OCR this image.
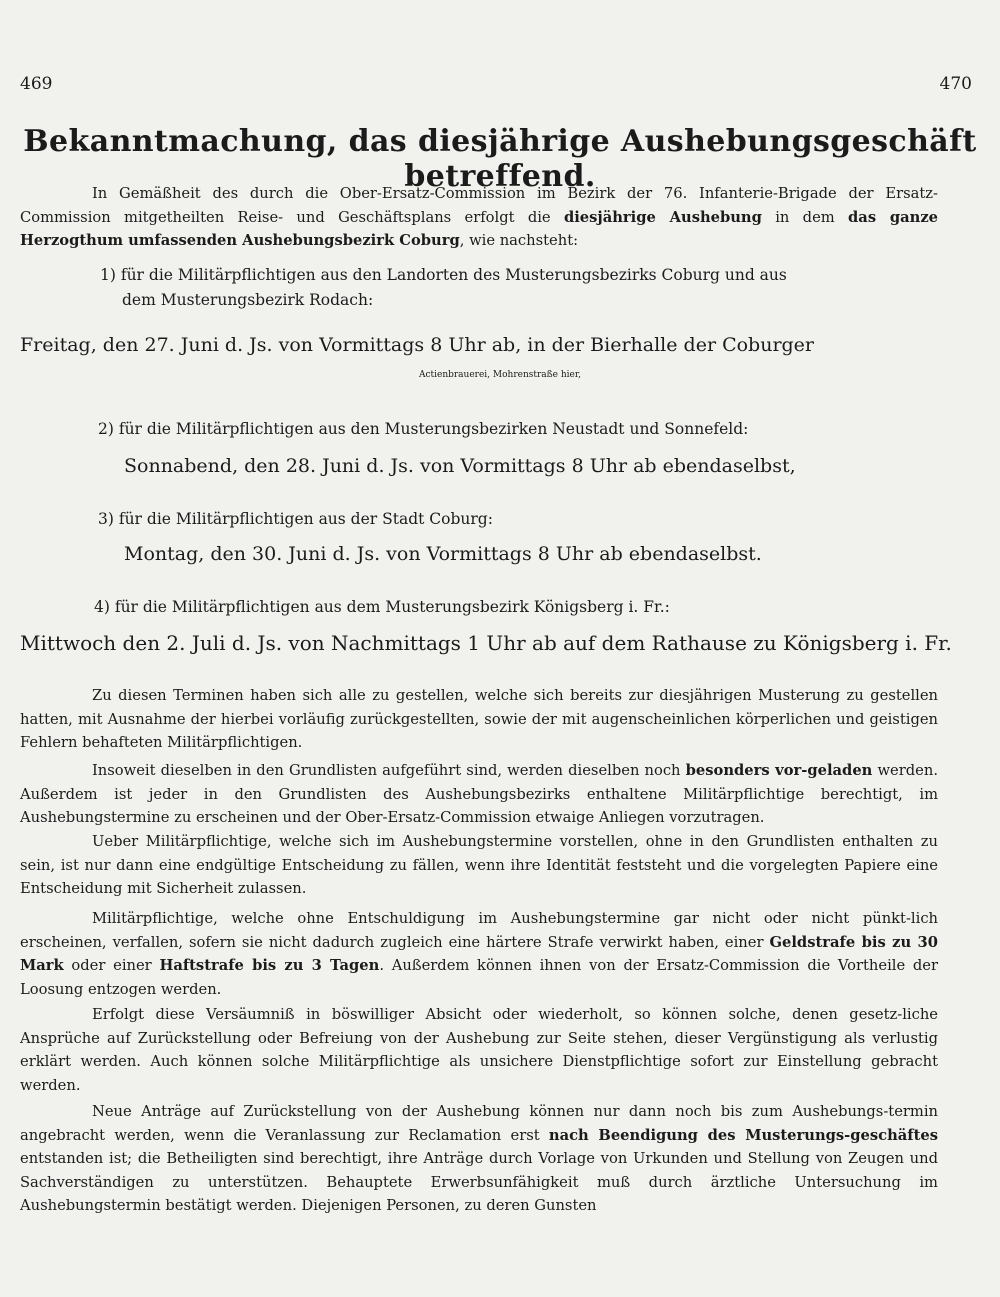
469	470
Bekanntmachung, das diesjährige Aushebungsgeschäft betreffend.

In Gemäßheit des durch die Ober-Ersatz-Commission im Bezirk der 76. Infanterie-Brigade der Ersatz-Commission mitgetheilten Reise- und Geschäftsplans erfolgt die diesjährige Aushebung in dem das ganze Herzogthum umfassenden Aushebungsbezirk Coburg, wie nachsteht:

1) für die Militärpflichtigen aus den Landorten des Musterungsbezirks Coburg und aus

dem Musterungsbezirk Rodach:

Freitag, den 27. Juni d. Js. von Vormittags 8 Uhr ab, in der Bierhalle der Coburger

Actienbrauerei, Mohrenstraße hier,

2) für die Militärpflichtigen aus den Musterungsbezirken Neustadt und Sonnefeld:

Sonnabend, den 28. Juni d. Js. von Vormittags 8 Uhr ab ebendaselbst,

3) für die Militärpflichtigen aus der Stadt Coburg:

Montag, den 30. Juni d. Js. von Vormittags 8 Uhr ab ebendaselbst.

4) für die Militärpflichtigen aus dem Musterungsbezirk Königsberg i. Fr.:

Mittwoch den 2. Juli d. Js. von Nachmittags 1 Uhr ab auf dem Rathause zu Königsberg i. Fr.

Zu diesen Terminen haben sich alle zu gestellen, welche sich bereits zur diesjährigen Musterung zu gestellen hatten, mit Ausnahme der hierbei vorläufig zurückgestellten, sowie der mit augenscheinlichen körperlichen und geistigen Fehlern behafteten Militärpflichtigen.

Insoweit dieselben in den Grundlisten aufgeführt sind, werden dieselben noch besonders vor-geladen werden. Außerdem ist jeder in den Grundlisten des Aushebungsbezirks enthaltene Militärpflichtige berechtigt, im Aushebungstermine zu erscheinen und der Ober-Ersatz-Commission etwaige Anliegen vorzutragen.

Ueber Militärpflichtige, welche sich im Aushebungstermine vorstellen, ohne in den Grundlisten enthalten zu sein, ist nur dann eine endgültige Entscheidung zu fällen, wenn ihre Identität feststeht und die vorgelegten Papiere eine Entscheidung mit Sicherheit zulassen.

Militärpflichtige, welche ohne Entschuldigung im Aushebungstermine gar nicht oder nicht pünkt-lich erscheinen, verfallen, sofern sie nicht dadurch zugleich eine härtere Strafe verwirkt haben, einer Geldstrafe bis zu 30 Mark oder einer Haftstrafe bis zu 3 Tagen. Außerdem können ihnen von der Ersatz-Commission die Vortheile der Loosung entzogen werden.

Erfolgt diese Versäumniß in böswilliger Absicht oder wiederholt, so können solche, denen gesetz-liche Ansprüche auf Zurückstellung oder Befreiung von der Aushebung zur Seite stehen, dieser Vergünstigung als verlustig erklärt werden. Auch können solche Militärpflichtige als unsichere Dienstpflichtige sofort zur Einstellung gebracht werden.

Neue Anträge auf Zurückstellung von der Aushebung können nur dann noch bis zum Aushebungs-termin angebracht werden, wenn die Veranlassung zur Reclamation erst nach Beendigung des Musterungs-geschäftes entstanden ist; die Betheiligten sind berechtigt, ihre Anträge durch Vorlage von Urkunden und Stellung von Zeugen und Sachverständigen zu unterstützen. Behauptete Erwerbsunfähigkeit muß durch ärztliche Untersuchung im Aushebungstermin bestätigt werden. Diejenigen Personen, zu deren Gunsten
